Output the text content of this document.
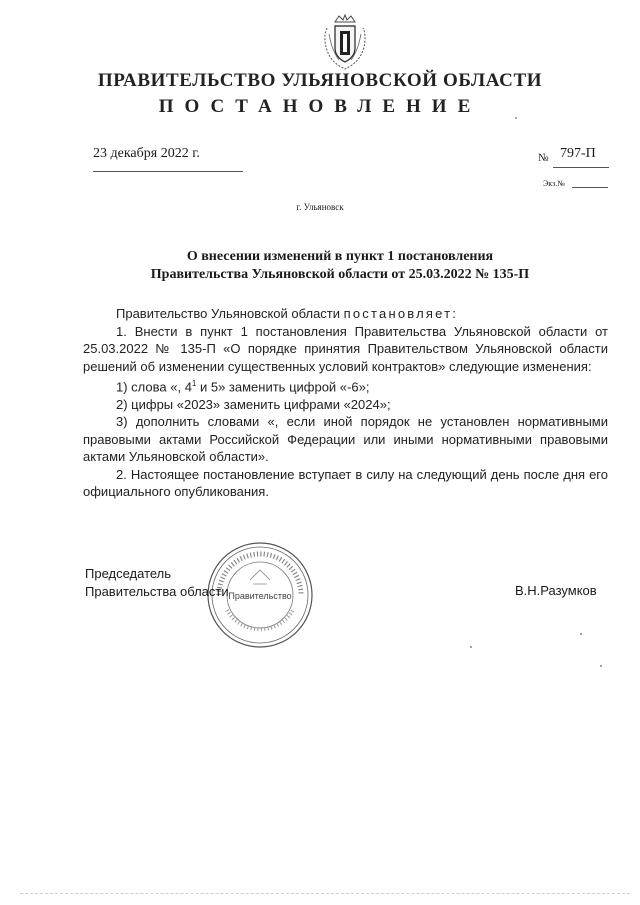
ПРАВИТЕЛЬСТВО УЛЬЯНОВСКОЙ ОБЛАСТИ
ПОСТАНОВЛЕНИЕ
23 декабря 2022 г.	№ 797-П
Экз.№
г. Ульяновск
О внесении изменений в пункт 1 постановления
Правительства Ульяновской области от 25.03.2022 № 135-П

Правительство Ульяновской области постановляет:

1. Внести в пункт 1 постановления Правительства Ульяновской области от 25.03.2022 № 135-П «О порядке принятия Правительством Ульяновской области решений об изменении существенных условий контрактов» следующие изменения:

1) слова «, $4^1$ и 5» заменить цифрой «-6»;

2) цифры «2023» заменить цифрами «2024»;

3) дополнить словами «, если иной порядок не установлен нормативными правовыми актами Российской Федерации или иными нормативными правовыми актами Ульяновской области».

2. Настоящее постановление вступает в силу на следующий день после дня его официального опубликования.

Правительство
Председатель
Правительства области	В.Н.Разумков
